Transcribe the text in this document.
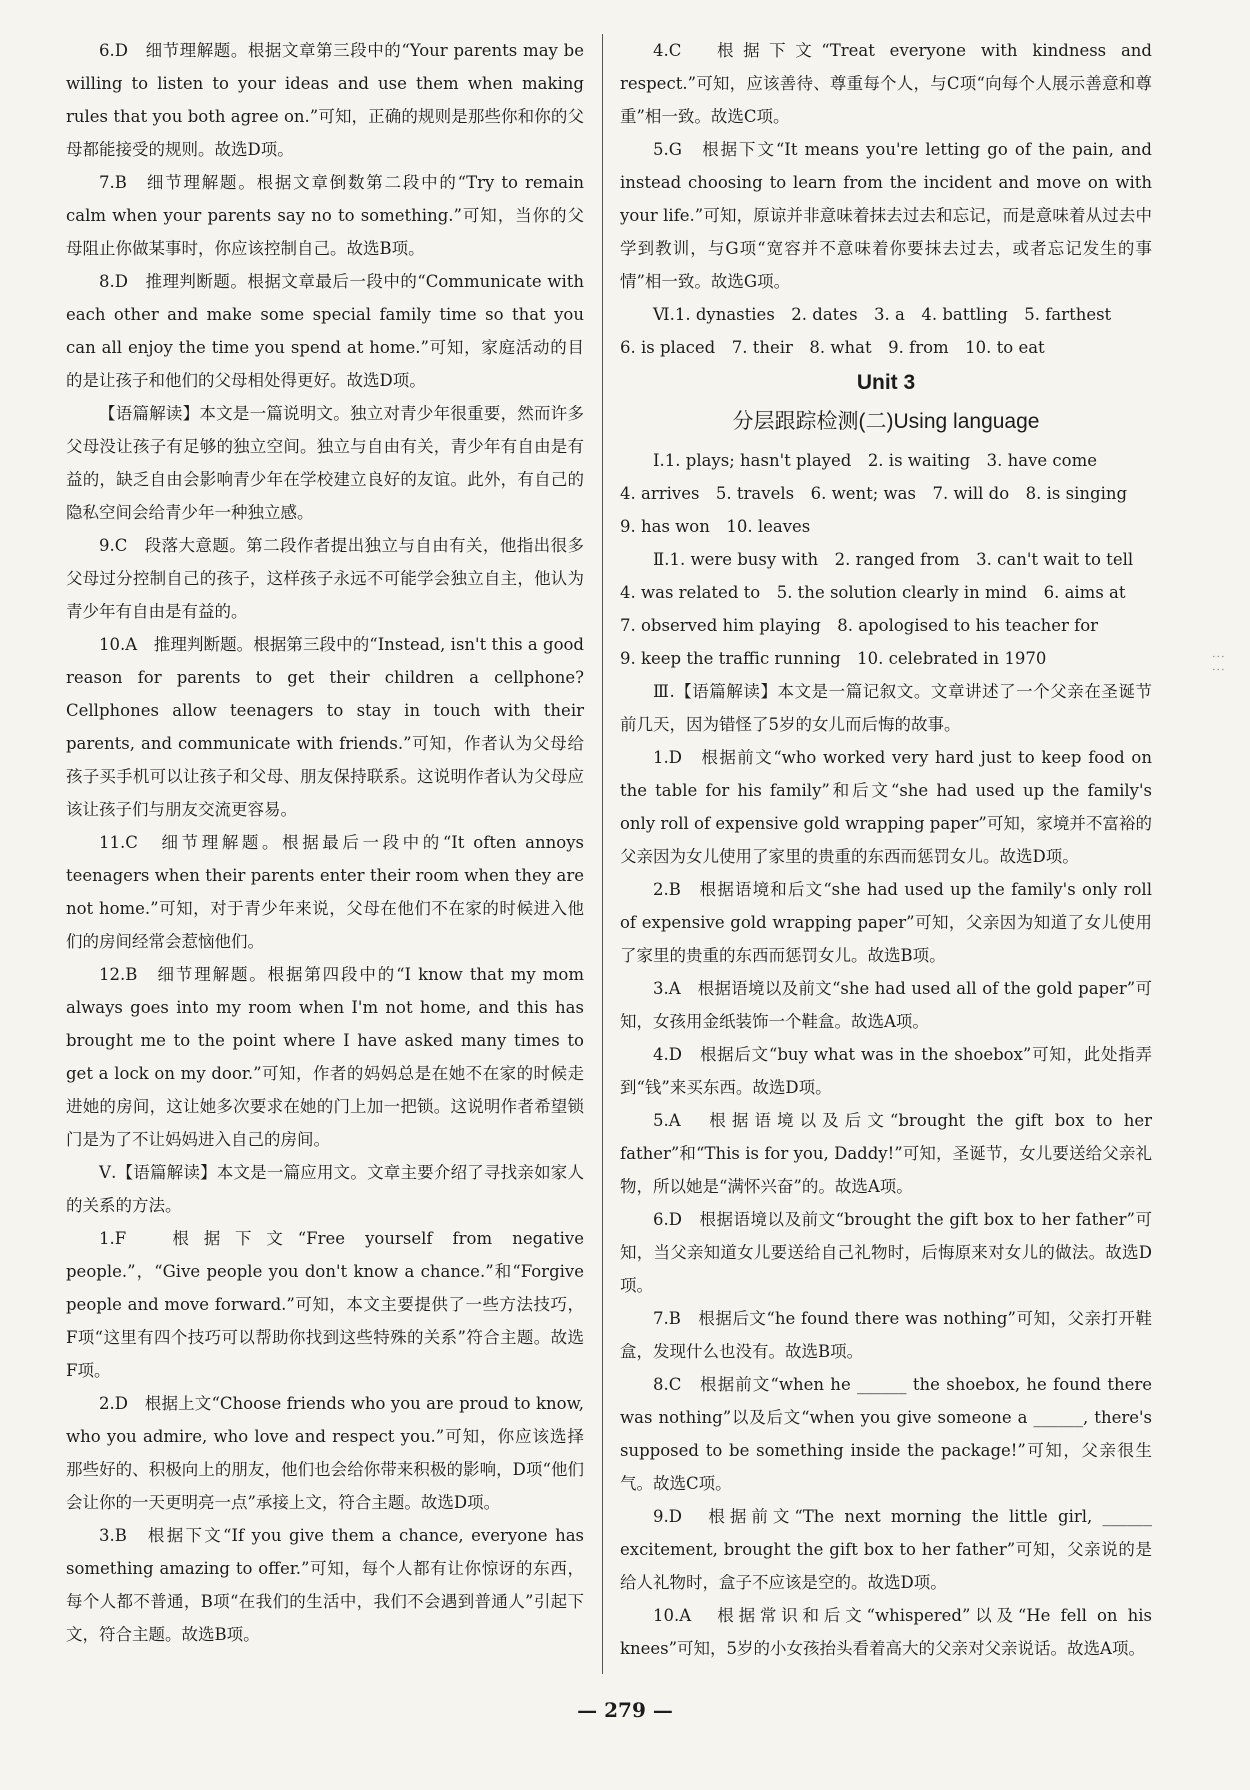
6.D　细节理解题。根据文章第三段中的“Your parents may be willing to listen to your ideas and use them when making rules that you both agree on.”可知，正确的规则是那些你和你的父母都能接受的规则。故选D项。

7.B　细节理解题。根据文章倒数第二段中的“Try to remain calm when your parents say no to something.”可知，当你的父母阻止你做某事时，你应该控制自己。故选B项。

8.D　推理判断题。根据文章最后一段中的“Communicate with each other and make some special family time so that you can all enjoy the time you spend at home.”可知，家庭活动的目的是让孩子和他们的父母相处得更好。故选D项。

【语篇解读】本文是一篇说明文。独立对青少年很重要，然而许多父母没让孩子有足够的独立空间。独立与自由有关，青少年有自由是有益的，缺乏自由会影响青少年在学校建立良好的友谊。此外，有自己的隐私空间会给青少年一种独立感。

9.C　段落大意题。第二段作者提出独立与自由有关，他指出很多父母过分控制自己的孩子，这样孩子永远不可能学会独立自主，他认为青少年有自由是有益的。

10.A　推理判断题。根据第三段中的“Instead, isn't this a good reason for parents to get their children a cellphone? Cellphones allow teenagers to stay in touch with their parents, and communicate with friends.”可知，作者认为父母给孩子买手机可以让孩子和父母、朋友保持联系。这说明作者认为父母应该让孩子们与朋友交流更容易。

11.C　细节理解题。根据最后一段中的“It often annoys teenagers when their parents enter their room when they are not home.”可知，对于青少年来说，父母在他们不在家的时候进入他们的房间经常会惹恼他们。

12.B　细节理解题。根据第四段中的“I know that my mom always goes into my room when I'm not home, and this has brought me to the point where I have asked many times to get a lock on my door.”可知，作者的妈妈总是在她不在家的时候走进她的房间，这让她多次要求在她的门上加一把锁。这说明作者希望锁门是为了不让妈妈进入自己的房间。

Ⅴ.【语篇解读】本文是一篇应用文。文章主要介绍了寻找亲如家人的关系的方法。

1.F　根据下文“Free yourself from negative people.”，“Give people you don't know a chance.”和“Forgive people and move forward.”可知，本文主要提供了一些方法技巧，F项“这里有四个技巧可以帮助你找到这些特殊的关系”符合主题。故选F项。

2.D　根据上文“Choose friends who you are proud to know, who you admire, who love and respect you.”可知，你应该选择那些好的、积极向上的朋友，他们也会给你带来积极的影响，D项“他们会让你的一天更明亮一点”承接上文，符合主题。故选D项。

3.B　根据下文“If you give them a chance, everyone has something amazing to offer.”可知，每个人都有让你惊讶的东西，每个人都不普通，B项“在我们的生活中，我们不会遇到普通人”引起下文，符合主题。故选B项。

4.C　根据下文“Treat everyone with kindness and respect.”可知，应该善待、尊重每个人，与C项“向每个人展示善意和尊重”相一致。故选C项。

5.G　根据下文“It means you're letting go of the pain, and instead choosing to learn from the incident and move on with your life.”可知，原谅并非意味着抹去过去和忘记，而是意味着从过去中学到教训，与G项“宽容并不意味着你要抹去过去，或者忘记发生的事情”相一致。故选G项。

Ⅵ.1. dynasties　2. dates　3. a　4. battling　5. farthest

6. is placed　7. their　8. what　9. from　10. to eat

Unit 3

分层跟踪检测(二)Using language

Ⅰ.1. plays; hasn't played　2. is waiting　3. have come

4. arrives　5. travels　6. went; was　7. will do　8. is singing

9. has won　10. leaves

Ⅱ.1. were busy with　2. ranged from　3. can't wait to tell

4. was related to　5. the solution clearly in mind　6. aims at

7. observed him playing　8. apologised to his teacher for

9. keep the traffic running　10. celebrated in 1970

Ⅲ.【语篇解读】本文是一篇记叙文。文章讲述了一个父亲在圣诞节前几天，因为错怪了5岁的女儿而后悔的故事。

1.D　根据前文“who worked very hard just to keep food on the table for his family”和后文“she had used up the family's only roll of expensive gold wrapping paper”可知，家境并不富裕的父亲因为女儿使用了家里的贵重的东西而惩罚女儿。故选D项。

2.B　根据语境和后文“she had used up the family's only roll of expensive gold wrapping paper”可知，父亲因为知道了女儿使用了家里的贵重的东西而惩罚女儿。故选B项。

3.A　根据语境以及前文“she had used all of the gold paper”可知，女孩用金纸装饰一个鞋盒。故选A项。

4.D　根据后文“buy what was in the shoebox”可知，此处指弄到“钱”来买东西。故选D项。

5.A　根据语境以及后文“brought the gift box to her father”和“This is for you, Daddy!”可知，圣诞节，女儿要送给父亲礼物，所以她是“满怀兴奋”的。故选A项。

6.D　根据语境以及前文“brought the gift box to her father”可知，当父亲知道女儿要送给自己礼物时，后悔原来对女儿的做法。故选D项。

7.B　根据后文“he found there was nothing”可知，父亲打开鞋盒，发现什么也没有。故选B项。

8.C　根据前文“when he ______ the shoebox, he found there was nothing”以及后文“when you give someone a ______, there's supposed to be something inside the package!”可知，父亲很生气。故选C项。

9.D　根据前文“The next morning the little girl, ______ excitement, brought the gift box to her father”可知，父亲说的是给人礼物时，盒子不应该是空的。故选D项。

10.A　根据常识和后文“whispered”以及“He fell on his knees”可知，5岁的小女孩抬头看着高大的父亲对父亲说话。故选A项。

— 279 —
⋮⋮
